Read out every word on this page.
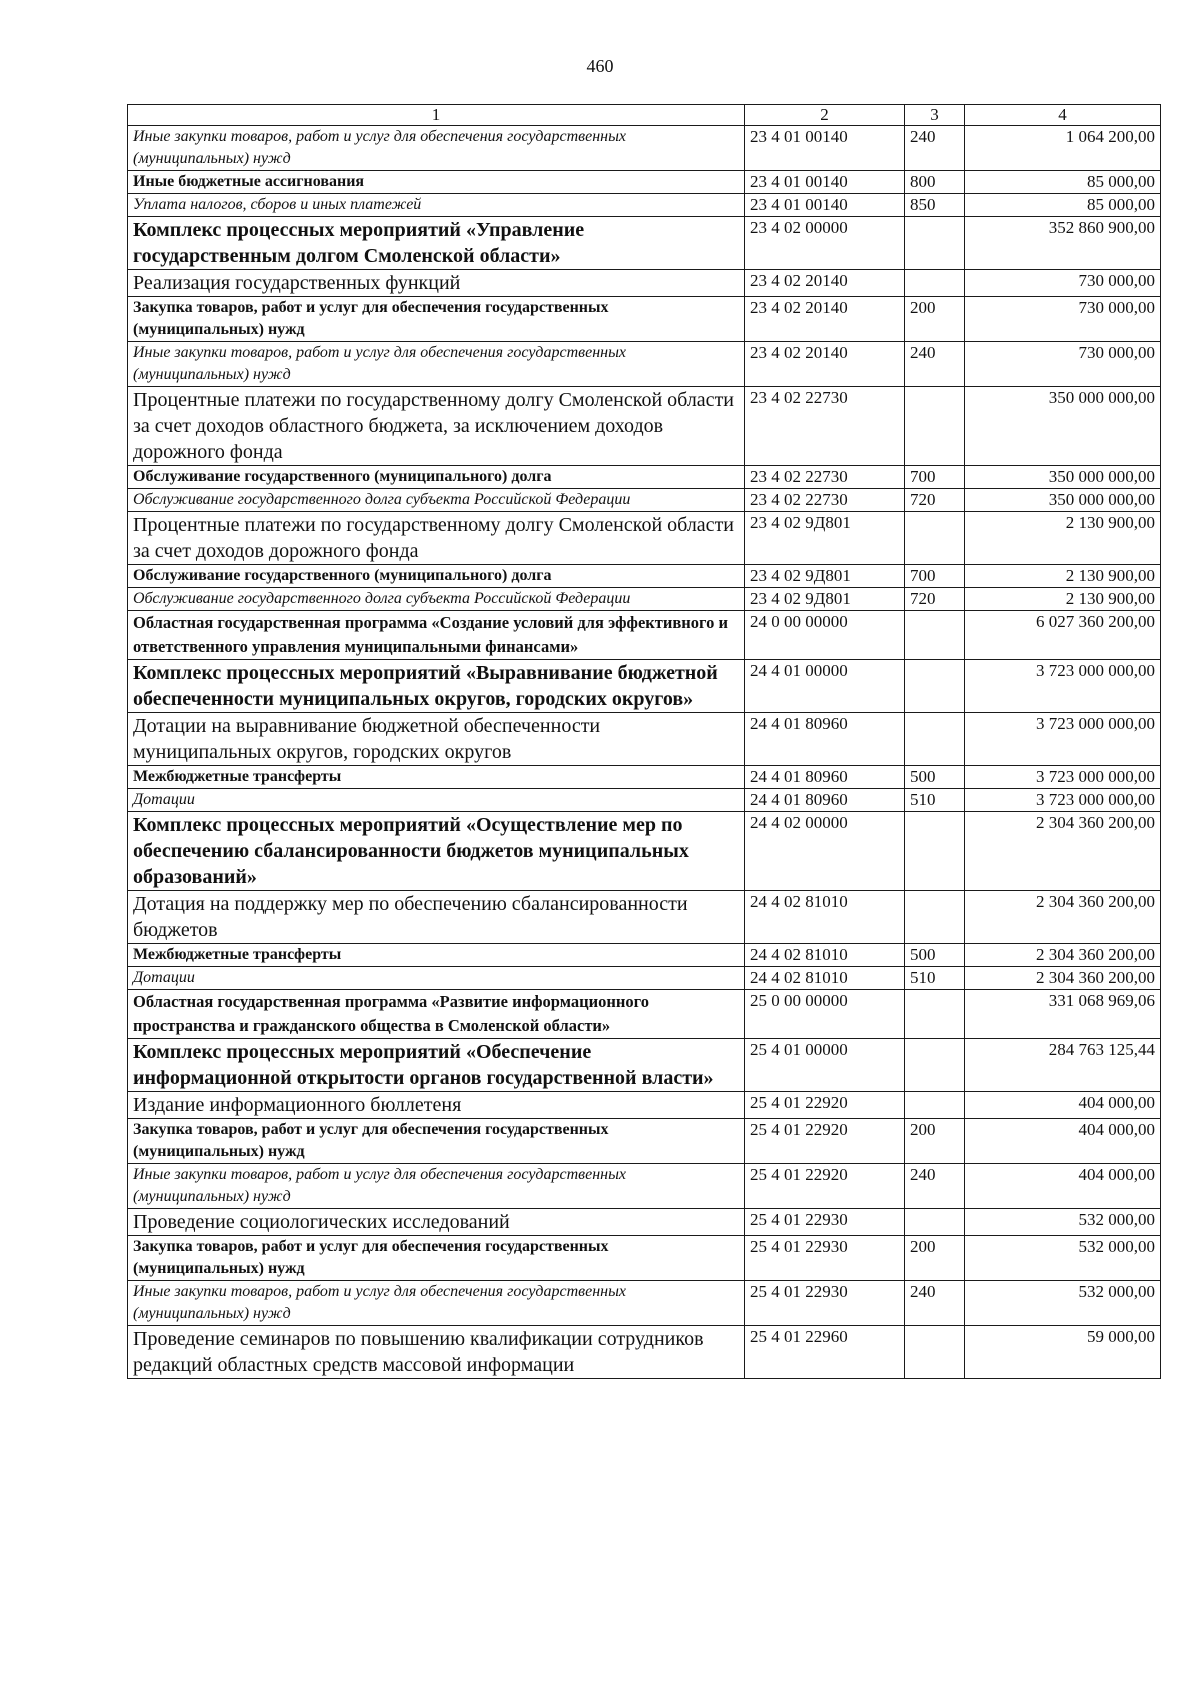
460
1	2	3	4
Иные закупки товаров, работ и услуг для обеспечения государственных (муниципальных) нужд	23 4 01 00140	240	1 064 200,00
Иные бюджетные ассигнования	23 4 01 00140	800	85 000,00
Уплата налогов, сборов и иных платежей	23 4 01 00140	850	85 000,00
Комплекс процессных мероприятий «Управление государственным долгом Смоленской области»	23 4 02 00000		352 860 900,00
Реализация государственных функций	23 4 02 20140		730 000,00
Закупка товаров, работ и услуг для обеспечения государственных (муниципальных) нужд	23 4 02 20140	200	730 000,00
Иные закупки товаров, работ и услуг для обеспечения государственных (муниципальных) нужд	23 4 02 20140	240	730 000,00
Процентные платежи по государственному долгу Смоленской области за счет доходов областного бюджета, за исключением доходов дорожного фонда	23 4 02 22730		350 000 000,00
Обслуживание государственного (муниципального) долга	23 4 02 22730	700	350 000 000,00
Обслуживание государственного долга субъекта Российской Федерации	23 4 02 22730	720	350 000 000,00
Процентные платежи по государственному долгу Смоленской области за счет доходов дорожного фонда	23 4 02 9Д801		2 130 900,00
Обслуживание государственного (муниципального) долга	23 4 02 9Д801	700	2 130 900,00
Обслуживание государственного долга субъекта Российской Федерации	23 4 02 9Д801	720	2 130 900,00
Областная государственная программа «Создание условий для эффективного и ответственного управления муниципальными финансами»	24 0 00 00000		6 027 360 200,00
Комплекс процессных мероприятий «Выравнивание бюджетной обеспеченности муниципальных округов, городских округов»	24 4 01 00000		3 723 000 000,00
Дотации на выравнивание бюджетной обеспеченности муниципальных округов, городских округов	24 4 01 80960		3 723 000 000,00
Межбюджетные трансферты	24 4 01 80960	500	3 723 000 000,00
Дотации	24 4 01 80960	510	3 723 000 000,00
Комплекс процессных мероприятий «Осуществление мер по обеспечению сбалансированности бюджетов муниципальных образований»	24 4 02 00000		2 304 360 200,00
Дотация на поддержку мер по обеспечению сбалансированности бюджетов	24 4 02 81010		2 304 360 200,00
Межбюджетные трансферты	24 4 02 81010	500	2 304 360 200,00
Дотации	24 4 02 81010	510	2 304 360 200,00
Областная государственная программа «Развитие информационного пространства и гражданского общества в Смоленской области»	25 0 00 00000		331 068 969,06
Комплекс процессных мероприятий «Обеспечение информационной открытости органов государственной власти»	25 4 01 00000		284 763 125,44
Издание информационного бюллетеня	25 4 01 22920		404 000,00
Закупка товаров, работ и услуг для обеспечения государственных (муниципальных) нужд	25 4 01 22920	200	404 000,00
Иные закупки товаров, работ и услуг для обеспечения государственных (муниципальных) нужд	25 4 01 22920	240	404 000,00
Проведение социологических исследований	25 4 01 22930		532 000,00
Закупка товаров, работ и услуг для обеспечения государственных (муниципальных) нужд	25 4 01 22930	200	532 000,00
Иные закупки товаров, работ и услуг для обеспечения государственных (муниципальных) нужд	25 4 01 22930	240	532 000,00
Проведение семинаров по повышению квалификации сотрудников редакций областных средств массовой информации	25 4 01 22960		59 000,00
